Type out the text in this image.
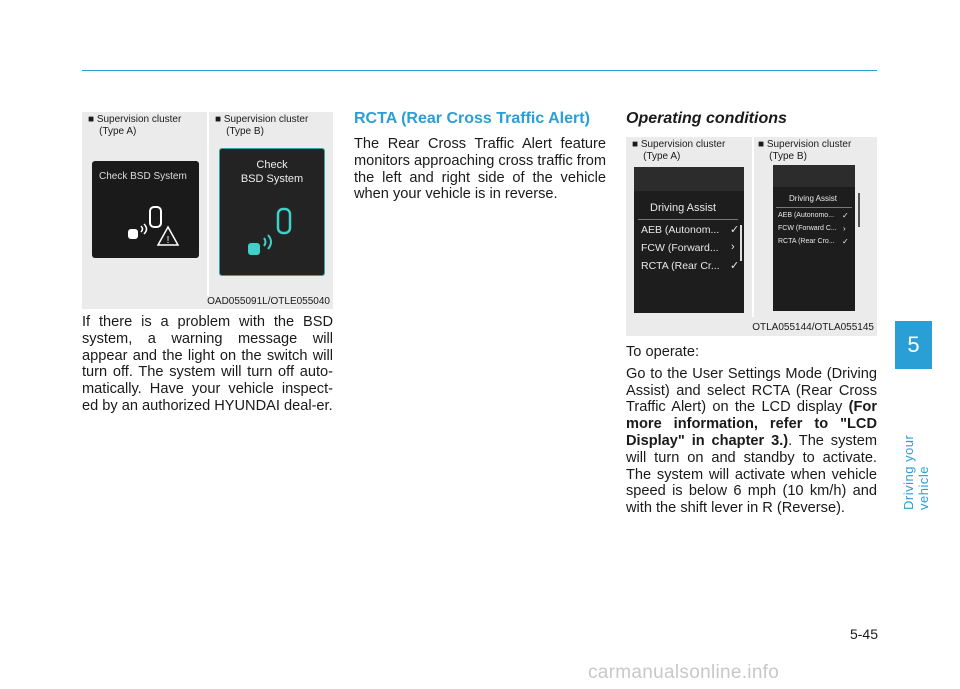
■ Supervision cluster
(Type A)
■ Supervision cluster
(Type B)
Check BSD System
!
Check
BSD System
OAD055091L/OTLE055040
If there is a problem with the BSD system, a warning message will appear and the light on the switch will turn off. The system will turn off auto-matically. Have your vehicle inspect-ed by an authorized HYUNDAI deal-er.
RCTA (Rear Cross Traffic Alert)
The Rear Cross Traffic Alert feature monitors approaching cross traffic from the left and right side of the vehicle when your vehicle is in reverse.
Operating conditions
■ Supervision cluster
(Type A)
■ Supervision cluster
(Type B)
Driving Assist
AEB (Autonom... ✓
FCW (Forward... ›
RCTA (Rear Cr... ✓
Driving Assist
AEB (Autonomo... ✓
FCW (Forward C... ›
RCTA (Rear Cro... ✓
OTLA055144/OTLA055145

To operate:

Go to the User Settings Mode (Driving Assist) and select RCTA (Rear Cross Traffic Alert) on the LCD display (For more information, refer to "LCD Display" in chapter 3.). The system will turn on and standby to activate. The system will activate when vehicle speed is below 6 mph (10 km/h) and with the shift lever in R (Reverse).

5
Driving your vehicle
5-45
carmanualsonline.info
